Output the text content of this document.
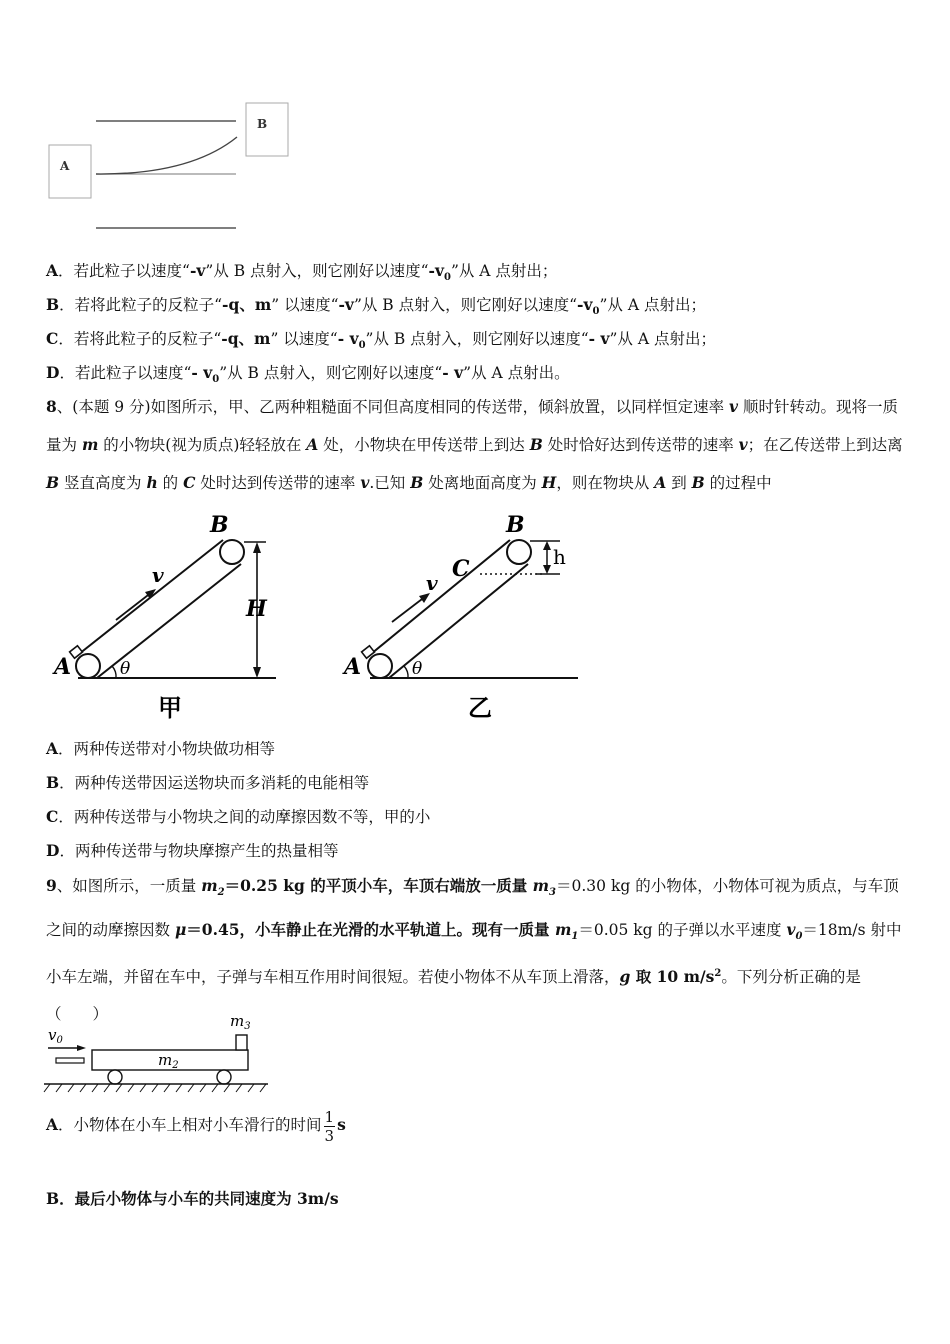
A
B
A．若此粒子以速度“-v”从 B 点射入，则它刚好以速度“$-v_0$”从 A 点射出；
B．若将此粒子的反粒子“-q、m” 以速度“-v”从 B 点射入，则它刚好以速度“$-v_0$”从 A 点射出；
C．若将此粒子的反粒子“-q、m” 以速度“- $v_0$”从 B 点射入，则它刚好以速度“- v”从 A 点射出；
D．若此粒子以速度“- $v_0$”从 B 点射入，则它刚好以速度“- v”从 A 点射出。
8、(本题 9 分)如图所示，甲、乙两种粗糙面不同但高度相同的传送带，倾斜放置，以同样恒定速率 v 顺时针转动。现将一质量为 m 的小物块(视为质点)轻轻放在 A 处，小物块在甲传送带上到达 B 处时恰好达到传送带的速率 v；在乙传送带上到达离 B 竖直高度为 h 的 C 处时达到传送带的速率 v.已知 B 处离地面高度为 H，则在物块从 A 到 B 的过程中
v
H
θ
A
B
甲
v
h
C
θ
A
B
乙
A．两种传送带对小物块做功相等
B．两种传送带因运送物块而多消耗的电能相等
C．两种传送带与小物块之间的动摩擦因数不等，甲的小
D．两种传送带与物块摩擦产生的热量相等
9、如图所示，一质量 $m_2=0.25$ kg 的平顶小车，车顶右端放一质量 $m_3=0.30$ kg 的小物体，小物体可视为质点，与车顶之间的动摩擦因数 μ＝0.45，小车静止在光滑的水平轨道上。现有一质量 $m_1=0.05$ kg 的子弹以水平速度 $v_0=18m/s$ 射中小车左端，并留在车中，子弹与车相互作用时间很短。若使小物体不从车顶上滑落，g 取 10 $m/s^2$。下列分析正确的是（　　）
$v_0$
$m_2$
$m_3$
A．小物体在小车上相对小车滑行的时间 $\frac{1}{3}$ s
B．最后小物体与小车的共同速度为 3m/s
